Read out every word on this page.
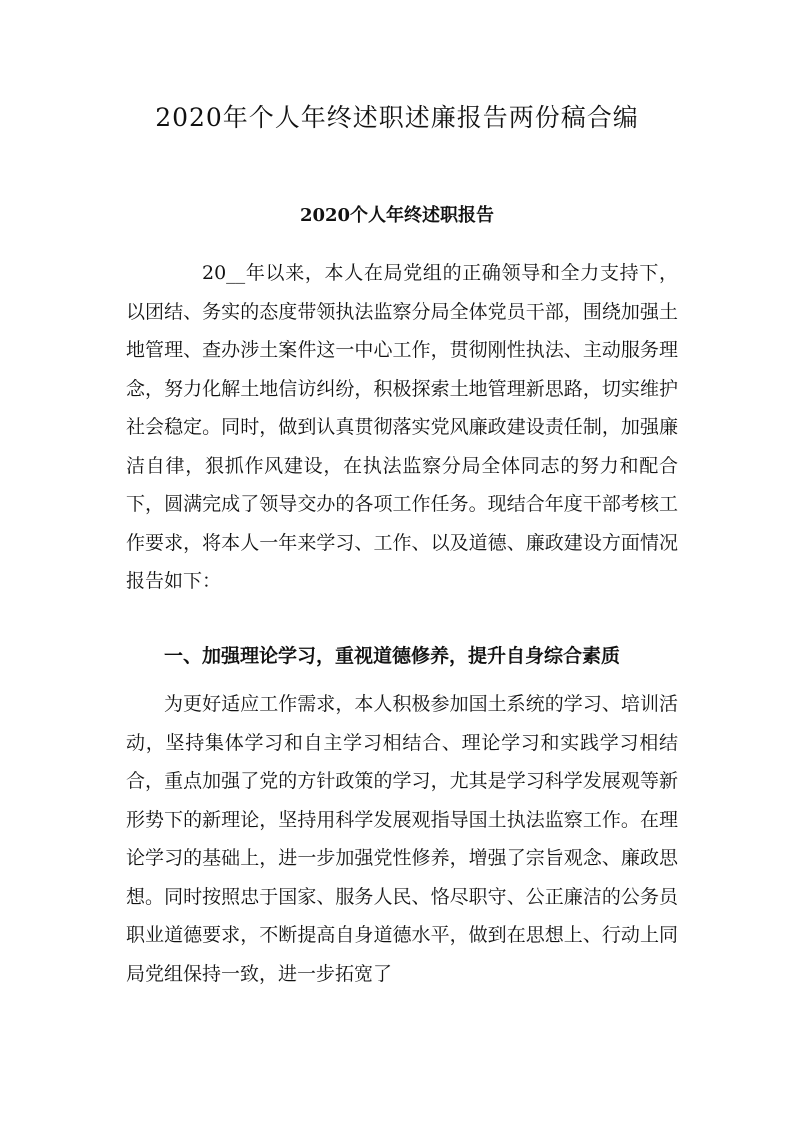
2020年个人年终述职述廉报告两份稿合编
2020个人年终述职报告

20__年以来，本人在局党组的正确领导和全力支持下，以团结、务实的态度带领执法监察分局全体党员干部，围绕加强土地管理、查办涉土案件这一中心工作，贯彻刚性执法、主动服务理念，努力化解土地信访纠纷，积极探索土地管理新思路，切实维护社会稳定。同时，做到认真贯彻落实党风廉政建设责任制，加强廉洁自律，狠抓作风建设，在执法监察分局全体同志的努力和配合下，圆满完成了领导交办的各项工作任务。现结合年度干部考核工作要求，将本人一年来学习、工作、以及道德、廉政建设方面情况报告如下：

一、加强理论学习，重视道德修养，提升自身综合素质

为更好适应工作需求，本人积极参加国土系统的学习、培训活动，坚持集体学习和自主学习相结合、理论学习和实践学习相结合，重点加强了党的方针政策的学习，尤其是学习科学发展观等新形势下的新理论，坚持用科学发展观指导国土执法监察工作。在理论学习的基础上，进一步加强党性修养，增强了宗旨观念、廉政思想。同时按照忠于国家、服务人民、恪尽职守、公正廉洁的公务员职业道德要求，不断提高自身道德水平，做到在思想上、行动上同局党组保持一致，进一步拓宽了
